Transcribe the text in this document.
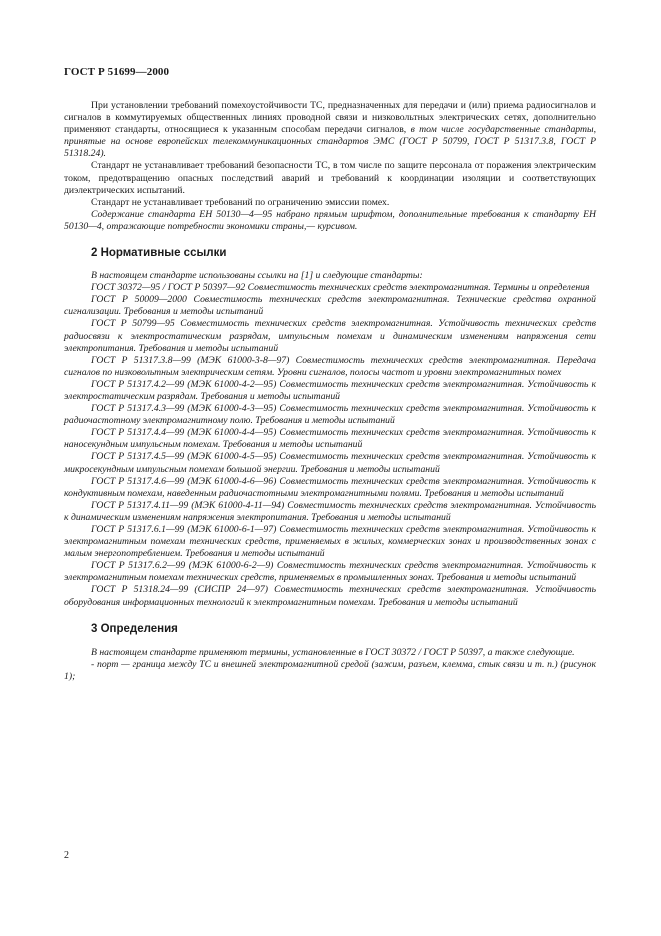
ГОСТ Р 51699—2000

При установлении требований помехоустойчивости ТС, предназначенных для передачи и (или) приема радиосигналов и сигналов в коммутируемых общественных линиях проводной связи и низковольтных электрических сетях, дополнительно применяют стандарты, относящиеся к указанным способам передачи сигналов, в том числе государственные стандарты, принятые на основе европейских телекоммуникационных стандартов ЭМС (ГОСТ Р 50799, ГОСТ Р 51317.3.8, ГОСТ Р 51318.24).

Стандарт не устанавливает требований безопасности ТС, в том числе по защите персонала от поражения электрическим током, предотвращению опасных последствий аварий и требований к координации изоляции и соответствующих диэлектрических испытаний.

Стандарт не устанавливает требований по ограничению эмиссии помех.

Содержание стандарта ЕН 50130—4—95 набрано прямым шрифтом, дополнительные требования к стандарту ЕН 50130—4, отражающие потребности экономики страны,— курсивом.

2 Нормативные ссылки

В настоящем стандарте использованы ссылки на [1] и следующие стандарты:

ГОСТ 30372—95 / ГОСТ Р 50397—92 Совместимость технических средств электромагнитная. Термины и определения

ГОСТ Р 50009—2000 Совместимость технических средств электромагнитная. Технические средства охранной сигнализации. Требования и методы испытаний

ГОСТ Р 50799—95 Совместимость технических средств электромагнитная. Устойчивость технических средств радиосвязи к электростатическим разрядам, импульсным помехам и динамическим изменениям напряжения сети электропитания. Требования и методы испытаний

ГОСТ Р 51317.3.8—99 (МЭК 61000-3-8—97) Совместимость технических средств электромагнитная. Передача сигналов по низковольтным электрическим сетям. Уровни сигналов, полосы частот и уровни электромагнитных помех

ГОСТ Р 51317.4.2—99 (МЭК 61000-4-2—95) Совместимость технических средств электромагнитная. Устойчивость к электростатическим разрядам. Требования и методы испытаний

ГОСТ Р 51317.4.3—99 (МЭК 61000-4-3—95) Совместимость технических средств электромагнитная. Устойчивость к радиочастотному электромагнитному полю. Требования и методы испытаний

ГОСТ Р 51317.4.4—99 (МЭК 61000-4-4—95) Совместимость технических средств электромагнитная. Устойчивость к наносекундным импульсным помехам. Требования и методы испытаний

ГОСТ Р 51317.4.5—99 (МЭК 61000-4-5—95) Совместимость технических средств электромагнитная. Устойчивость к микросекундным импульсным помехам большой энергии. Требования и методы испытаний

ГОСТ Р 51317.4.6—99 (МЭК 61000-4-6—96) Совместимость технических средств электромагнитная. Устойчивость к кондуктивным помехам, наведенным радиочастотными электромагнитными полями. Требования и методы испытаний

ГОСТ Р 51317.4.11—99 (МЭК 61000-4-11—94) Совместимость технических средств электромагнитная. Устойчивость к динамическим изменениям напряжения электропитания. Требования и методы испытаний

ГОСТ Р 51317.6.1—99 (МЭК 61000-6-1—97) Совместимость технических средств электромагнитная. Устойчивость к электромагнитным помехам технических средств, применяемых в жилых, коммерческих зонах и производственных зонах с малым энергопотреблением. Требования и методы испытаний

ГОСТ Р 51317.6.2—99 (МЭК 61000-6-2—9) Совместимость технических средств электромагнитная. Устойчивость к электромагнитным помехам технических средств, применяемых в промышленных зонах. Требования и методы испытаний

ГОСТ Р 51318.24—99 (СИСПР 24—97) Совместимость технических средств электромагнитная. Устойчивость оборудования информационных технологий к электромагнитным помехам. Требования и методы испытаний

3 Определения

В настоящем стандарте применяют термины, установленные в ГОСТ 30372 / ГОСТ Р 50397, а также следующие.

- порт — граница между ТС и внешней электромагнитной средой (зажим, разъем, клемма, стык связи и т. п.) (рисунок 1);

2
